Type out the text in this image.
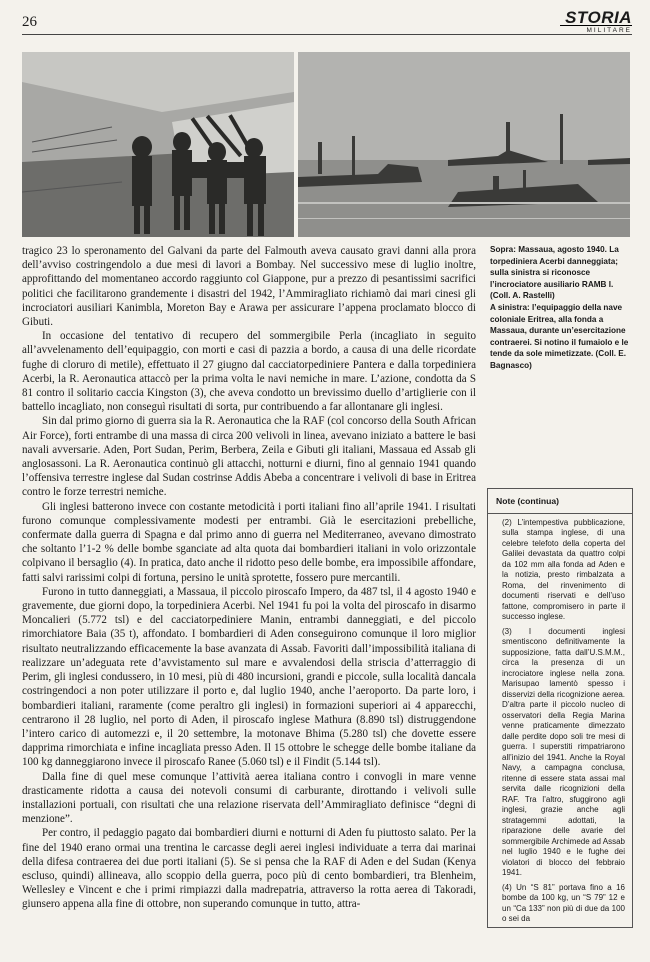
26	STORIA
MILITARE

tragico 23 lo speronamento del Galvani da parte del Falmouth aveva causato gravi danni alla prora dell’avviso costringendolo a due mesi di lavori a Bombay. Nel successivo mese di luglio inoltre, approfittando del momentaneo accordo raggiunto col Giappone, pur a prezzo di pesantissimi sacrifici politici che facilitarono grandemente i disastri del 1942, l’Ammiragliato richiamò dai mari cinesi gli incrociatori ausiliari Kanimbla, Moreton Bay e Arawa per assicurare l’appena proclamato blocco di Gibuti.

In occasione del tentativo di recupero del sommergibile Perla (incagliato in seguito all’avvelenamento dell’equipaggio, con morti e casi di pazzia a bordo, a causa di una delle ricordate fughe di cloruro di metile), effettuato il 27 giugno dal cacciatorpediniere Pantera e dalla torpediniera Acerbi, la R. Aeronautica attaccò per la prima volta le navi nemiche in mare. L’azione, condotta da S 81 contro il solitario caccia Kingston (3), che aveva condotto un brevissimo duello d’artiglierie con il battello incagliato, non conseguì risultati di sorta, pur contribuendo a far allontanare gli inglesi.

Sin dal primo giorno di guerra sia la R. Aeronautica che la RAF (col concorso della South African Air Force), forti entrambe di una massa di circa 200 velivoli in linea, avevano iniziato a battere le basi navali avversarie. Aden, Port Sudan, Perim, Berbera, Zeila e Gibuti gli italiani, Massaua ed Assab gli anglosassoni. La R. Aeronautica continuò gli attacchi, notturni e diurni, fino al gennaio 1941 quando l’offensiva terrestre inglese dal Sudan costrinse Addis Abeba a concentrare i velivoli di base in Eritrea contro le forze terrestri nemiche.

Gli inglesi batterono invece con costante metodicità i porti italiani fino all’aprile 1941. I risultati furono comunque complessivamente modesti per entrambi. Già le esercitazioni prebelliche, confermate dalla guerra di Spagna e dal primo anno di guerra nel Mediterraneo, avevano dimostrato che soltanto l’1-2 % delle bombe sganciate ad alta quota dai bombardieri italiani in volo orizzontale colpivano il bersaglio (4). In pratica, dato anche il ridotto peso delle bombe, era impossibile affondare, fatti salvi rarissimi colpi di fortuna, persino le unità sprotette, fossero pure mercantili.

Furono in tutto danneggiati, a Massaua, il piccolo piroscafo Impero, da 487 tsl, il 4 agosto 1940 e gravemente, due giorni dopo, la torpediniera Acerbi. Nel 1941 fu poi la volta del piroscafo in disarmo Moncalieri (5.772 tsl) e del cacciatorpediniere Manin, entrambi danneggiati, e del piccolo rimorchiatore Baia (35 t), affondato. I bombardieri di Aden conseguirono comunque il loro miglior risultato neutralizzando efficacemente la base avanzata di Assab. Favoriti dall’impossibilità italiana di realizzare un’adeguata rete d’avvistamento sul mare e avvalendosi della striscia d’atterraggio di Perim, gli inglesi condussero, in 10 mesi, più di 480 incursioni, grandi e piccole, sulla località dancala costringendoci a non poter utilizzare il porto e, dal luglio 1940, anche l’aeroporto. Da parte loro, i bombardieri italiani, raramente (come peraltro gli inglesi) in formazioni superiori ai 4 apparecchi, centrarono il 28 luglio, nel porto di Aden, il piroscafo inglese Mathura (8.890 tsl) distruggendone l’intero carico di automezzi e, il 20 settembre, la motonave Bhima (5.280 tsl) che dovette essere dapprima rimorchiata e infine incagliata presso Aden. Il 15 ottobre le schegge delle bombe italiane da 100 kg danneggiarono invece il piroscafo Ranee (5.060 tsl) e il Findit (5.144 tsl).

Dalla fine di quel mese comunque l’attività aerea italiana contro i convogli in mare venne drasticamente ridotta a causa dei notevoli consumi di carburante, dirottando i velivoli sulle installazioni portuali, con risultati che una relazione riservata dell’Ammiragliato definisce “degni di menzione”.

Per contro, il pedaggio pagato dai bombardieri diurni e notturni di Aden fu piuttosto salato. Per la fine del 1940 erano ormai una trentina le carcasse degli aerei inglesi individuate a terra dai marinai della difesa contraerea dei due porti italiani (5). Se si pensa che la RAF di Aden e del Sudan (Kenya escluso, quindi) allineava, allo scoppio della guerra, poco più di cento bombardieri, tra Blenheim, Wellesley e Vincent e che i primi rimpiazzi dalla madrepatria, attraverso la rotta aerea di Takoradi, giunsero appena alla fine di ottobre, non superando comunque in tutto, attra-

Sopra: Massaua, agosto 1940. La torpediniera Acerbi danneggiata; sulla sinistra si riconosce l’incrociatore ausiliario RAMB I. (Coll. A. Rastelli)

A sinistra: l’equipaggio della nave coloniale Eritrea, alla fonda a Massaua, durante un’esercitazione contraerei. Si notino il fumaiolo e le tende da sole mimetizzate. (Coll. E. Bagnasco)

Note (continua)
(2) L’intempestiva pubblicazione, sulla stampa inglese, di una celebre telefoto della coperta del Galilei devastata da quattro colpi da 102 mm alla fonda ad Aden e la notizia, presto rimbalzata a Roma, del rinvenimento di documenti riservati e dell’uso fattone, compromisero in parte il successo inglese.
(3) I documenti inglesi smentiscono definitivamente la supposizione, fatta dall’U.S.M.M., circa la presenza di un incrociatore inglese nella zona. Marisupao lamentò spesso i disservizi della ricognizione aerea. D’altra parte il piccolo nucleo di osservatori della Regia Marina venne praticamente dimezzato dalle perdite dopo soli tre mesi di guerra. I superstiti rimpatriarono all’inizio del 1941. Anche la Royal Navy, a campagna conclusa, ritenne di essere stata assai mal servita dalle ricognizioni della RAF. Tra l’altro, sfuggirono agli inglesi, grazie anche agli stratagemmi adottati, la riparazione delle avarie del sommergibile Archimede ad Assab nel luglio 1940 e le fughe dei violatori di blocco del febbraio 1941.
(4) Un “S 81” portava fino a 16 bombe da 100 kg, un “S 79” 12 e un “Ca 133” non più di due da 100 o sei da
